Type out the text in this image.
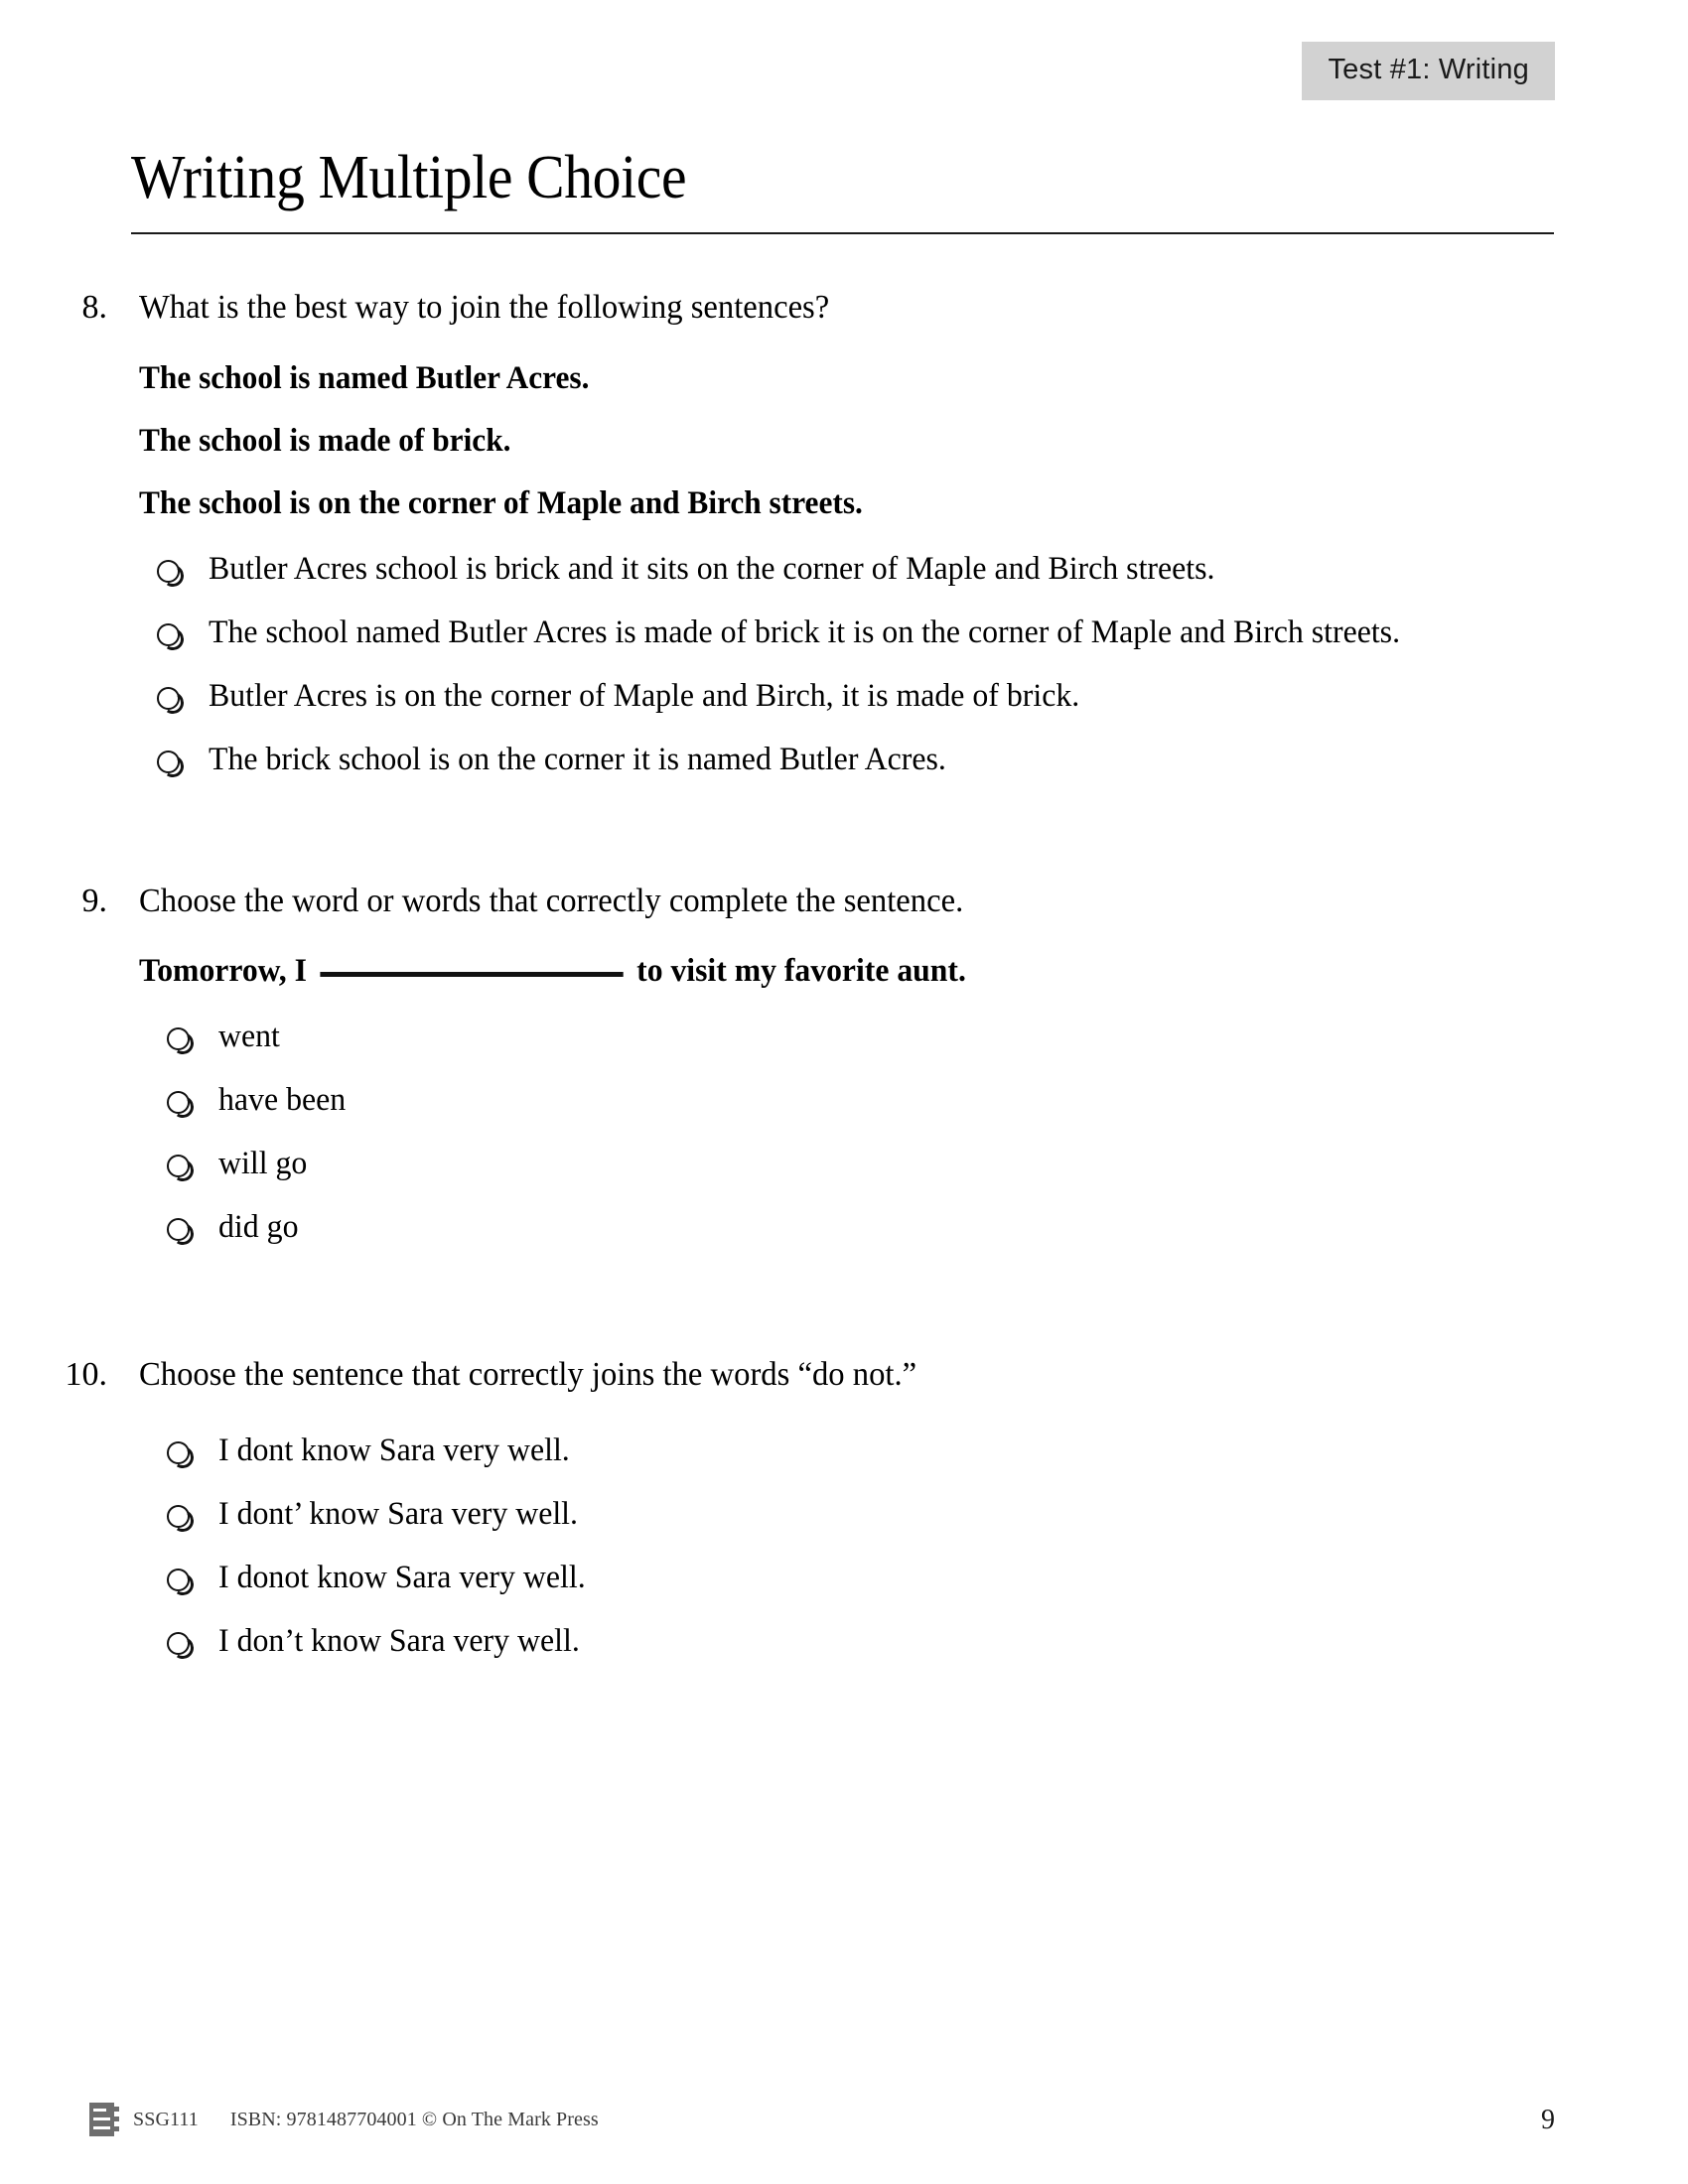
Test #1: Writing
Writing Multiple Choice
8. What is the best way to join the following sentences?
The school is named Butler Acres.
The school is made of brick.
The school is on the corner of Maple and Birch streets.
Butler Acres school is brick and it sits on the corner of Maple and Birch streets.
The school named Butler Acres is made of brick it is on the corner of Maple and Birch streets.
Butler Acres is on the corner of Maple and Birch, it is made of brick.
The brick school is on the corner it is named Butler Acres.
9. Choose the word or words that correctly complete the sentence.
Tomorrow, I	to visit my favorite aunt.
went
have been
will go
did go
10. Choose the sentence that correctly joins the words “do not.”
I dont know Sara very well.
I dont’ know Sara very well.
I donot know Sara very well.
I don’t know Sara very well.
SSG111 ISBN: 9781487704001 © On The Mark Press	9
